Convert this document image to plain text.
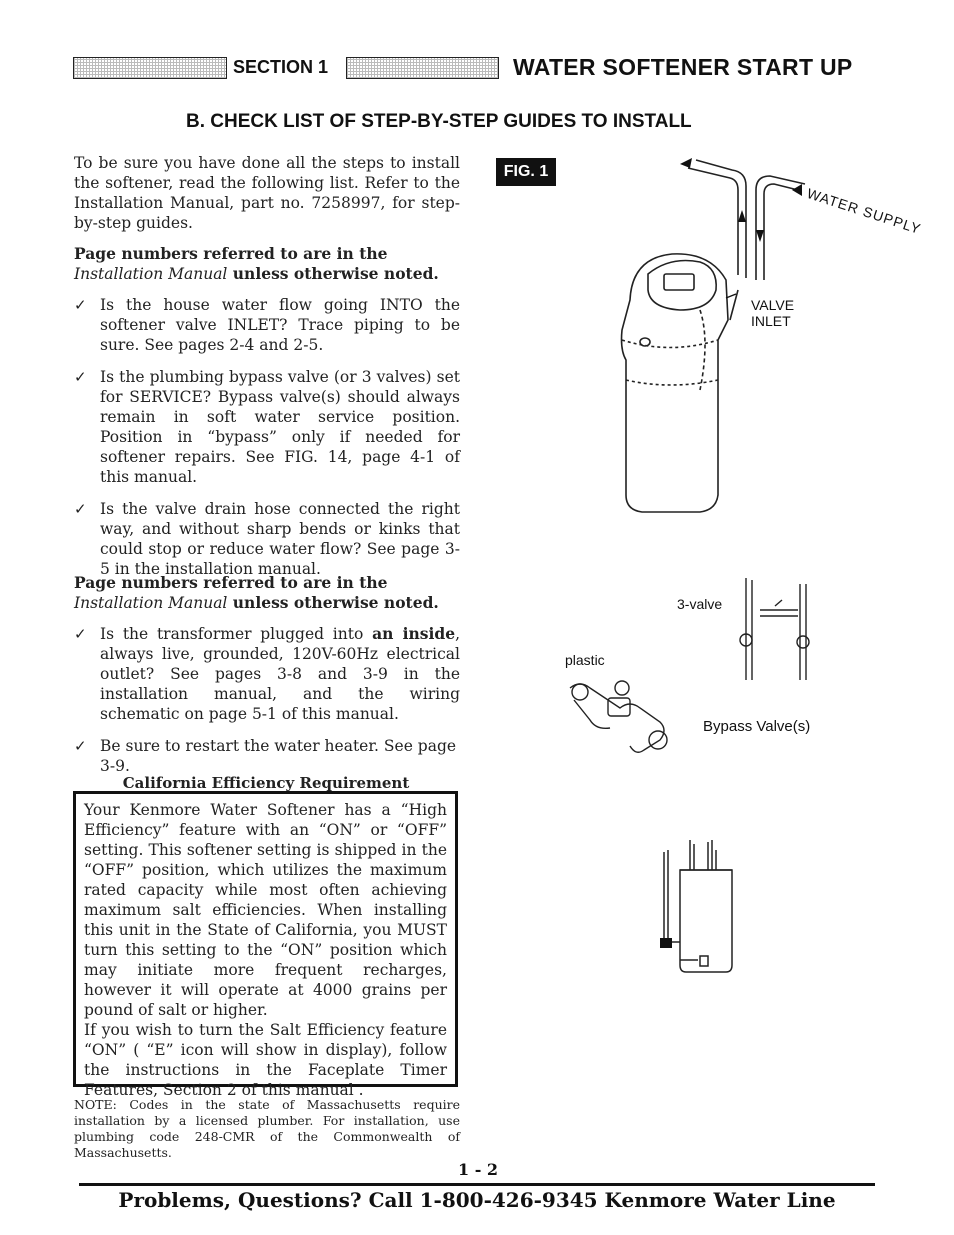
SECTION 1	WATER SOFTENER START UP
B. CHECK LIST OF STEP-BY-STEP GUIDES TO INSTALL
To be sure you have done all the steps to install the softener, read the following list. Refer to the Installation Manual, part no. 7258997, for step-by-step guides.
Page numbers referred to are in the Installation Manual unless otherwise noted.
✓ Is the house water flow going INTO the softener valve INLET? Trace piping to be sure. See pages 2-4 and 2-5.
✓ Is the plumbing bypass valve (or 3 valves) set for SERVICE? Bypass valve(s) should always remain in soft water service position. Position in “bypass” only if needed for softener repairs. See FIG. 14, page 4-1 of this manual.
✓ Is the valve drain hose connected the right way, and without sharp bends or kinks that could stop or reduce water flow? See page 3-5 in the installation manual.
Page numbers referred to are in the Installation Manual unless otherwise noted.
✓ Is the transformer plugged into an inside, always live, grounded, 120V-60Hz electrical outlet? See pages 3-8 and 3-9 in the installation manual, and the wiring schematic on page 5-1 of this manual.
✓ Be sure to restart the water heater. See page 3-9.
California Efficiency Requirement
Your Kenmore Water Softener has a “High Efficiency” feature with an “ON” or “OFF” setting. This softener setting is shipped in the “OFF” position, which utilizes the maximum rated capacity while most often achieving maximum salt efficiencies. When installing this unit in the State of California, you MUST turn this setting to the “ON” position which may initiate more frequent recharges, however it will operate at 4000 grains per pound of salt or higher.
If you wish to turn the Salt Efficiency feature “ON” ( “E” icon will show in display), follow the instructions in the Faceplate Timer Features, Section 2 of this manual .
NOTE: Codes in the state of Massachusetts require installation by a licensed plumber. For installation, use plumbing code 248-CMR of the Commonwealth of Massachusetts.
FIG. 1
WATER SUPPLY
VALVE
INLET
3-valve
plastic
Bypass Valve(s)
1 - 2
Problems, Questions? Call 1-800-426-9345 Kenmore Water Line
